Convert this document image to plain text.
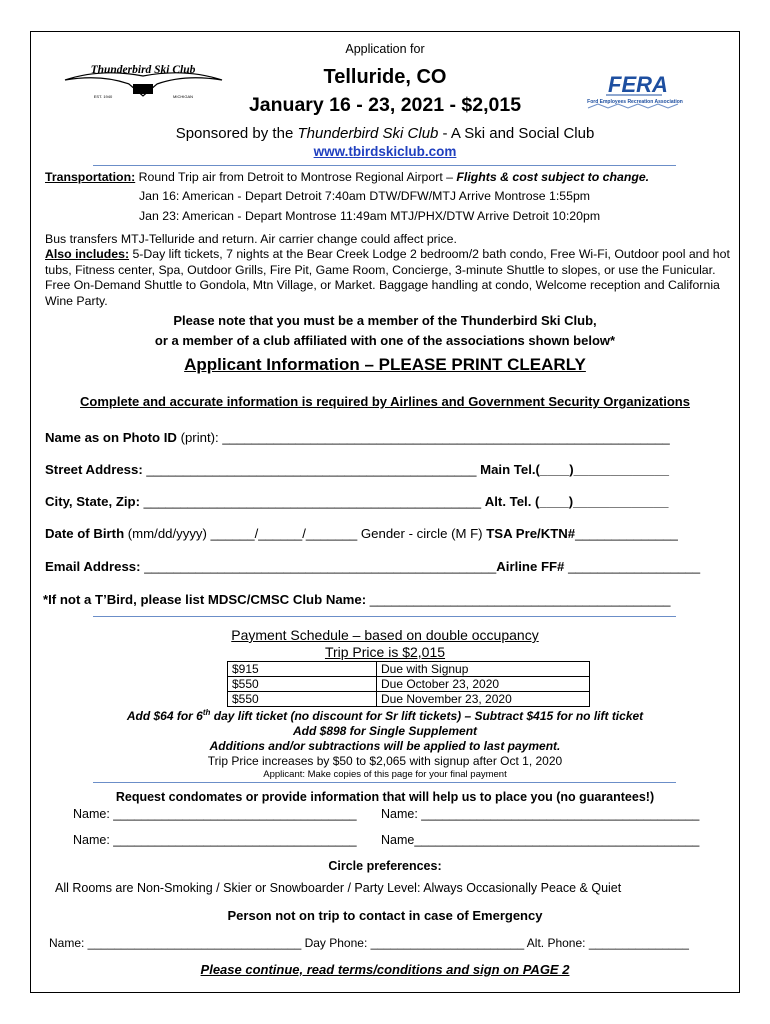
Thunderbird Ski Club
EST. 1940	MICHIGAN	FERA
Ford Employees Recreation Association
Application for
Telluride, CO
January 16 - 23, 2021 - $2,015
Sponsored by the Thunderbird Ski Club - A Ski and Social Club
www.tbirdskiclub.com
Transportation: Round Trip air from Detroit to Montrose Regional Airport – Flights & cost subject to change.
Jan 16: American - Depart Detroit 7:40am DTW/DFW/MTJ Arrive Montrose 1:55pm
Jan 23: American - Depart Montrose 11:49am MTJ/PHX/DTW Arrive Detroit 10:20pm
Bus transfers MTJ-Telluride and return. Air carrier change could affect price.
Also includes: 5-Day lift tickets, 7 nights at the Bear Creek Lodge 2 bedroom/2 bath condo, Free Wi-Fi, Outdoor pool and hot tubs, Fitness center, Spa, Outdoor Grills, Fire Pit, Game Room, Concierge, 3-minute Shuttle to slopes, or use the Funicular. Free On-Demand Shuttle to Gondola, Mtn Village, or Market. Baggage handling at condo, Welcome reception and California Wine Party.
Please note that you must be a member of the Thunderbird Ski Club,
or a member of a club affiliated with one of the associations shown below*
Applicant Information – PLEASE PRINT CLEARLY
Complete and accurate information is required by Airlines and Government Security Organizations
Name as on Photo ID (print): _____________________________________________________________
Street Address: _____________________________________________ Main Tel.(____)_____________
City, State, Zip: ______________________________________________ Alt. Tel. (____)_____________
Date of Birth (mm/dd/yyyy) ______/______/_______ Gender - circle (M F) TSA Pre/KTN#______________
Email Address: ________________________________________________Airline FF# __________________
*If not a T’Bird, please list MDSC/CMSC Club Name: _________________________________________
Payment Schedule – based on double occupancy
Trip Price is $2,015
$915	Due with Signup
$550	Due October 23, 2020
$550	Due November 23, 2020
Add $64 for 6th day lift ticket (no discount for Sr lift tickets) – Subtract $415 for no lift ticket
Add $898 for Single Supplement
Additions and/or subtractions will be applied to last payment.
Trip Price increases by $50 to $2,065 with signup after Oct 1, 2020
Applicant: Make copies of this page for your final payment
Request condomates or provide information that will help us to place you (no guarantees!)
Name: ___________________________________ Name: ________________________________________
Name: ___________________________________ Name_________________________________________
Circle preferences:
All Rooms are Non-Smoking / Skier or Snowboarder / Party Level: Always Occasionally Peace & Quiet
Person not on trip to contact in case of Emergency
Name: ________________________________ Day Phone: _______________________ Alt. Phone: _______________
Please continue, read terms/conditions and sign on PAGE 2
